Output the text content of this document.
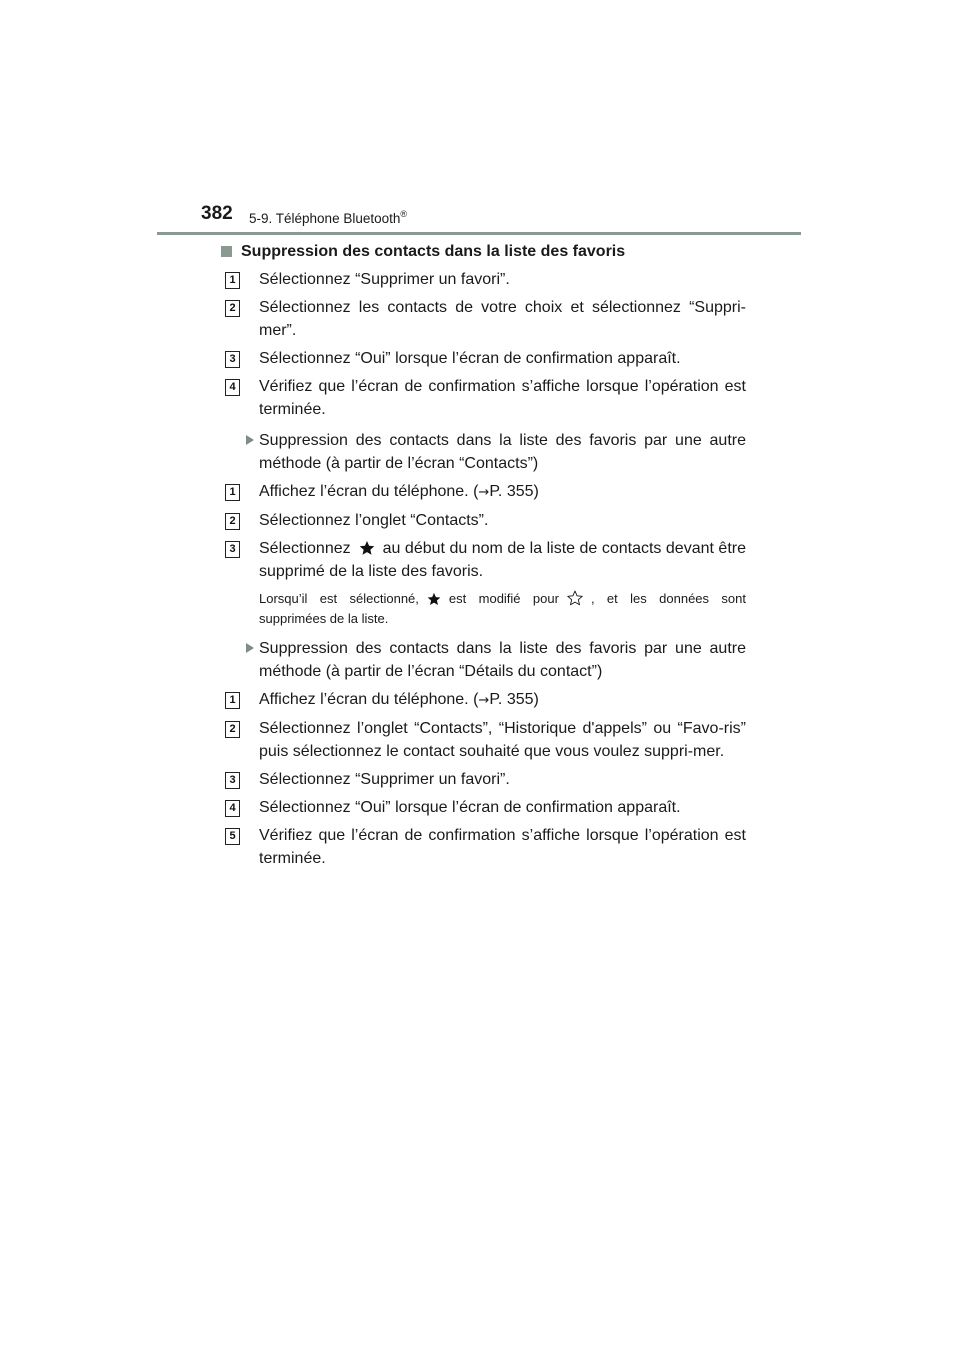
382 5-9. Téléphone Bluetooth®
Suppression des contacts dans la liste des favoris
1 Sélectionnez “Supprimer un favori”.
2 Sélectionnez les contacts de votre choix et sélectionnez “Suppri-mer”.
3 Sélectionnez “Oui” lorsque l’écran de confirmation apparaît.
4 Vérifiez que l’écran de confirmation s’affiche lorsque l’opération est terminée.
Suppression des contacts dans la liste des favoris par une autre méthode (à partir de l’écran “Contacts”)
1 Affichez l’écran du téléphone. (→P. 355)
2 Sélectionnez l’onglet “Contacts”.
3 Sélectionnez au début du nom de la liste de contacts devant être supprimé de la liste des favoris.
Lorsqu’il est sélectionné, est modifié pour , et les données sont supprimées de la liste.
Suppression des contacts dans la liste des favoris par une autre méthode (à partir de l’écran “Détails du contact”)
1 Affichez l’écran du téléphone. (→P. 355)
2 Sélectionnez l’onglet “Contacts”, “Historique d'appels” ou “Favo-ris” puis sélectionnez le contact souhaité que vous voulez suppri-mer.
3 Sélectionnez “Supprimer un favori”.
4 Sélectionnez “Oui” lorsque l’écran de confirmation apparaît.
5 Vérifiez que l’écran de confirmation s’affiche lorsque l’opération est terminée.
